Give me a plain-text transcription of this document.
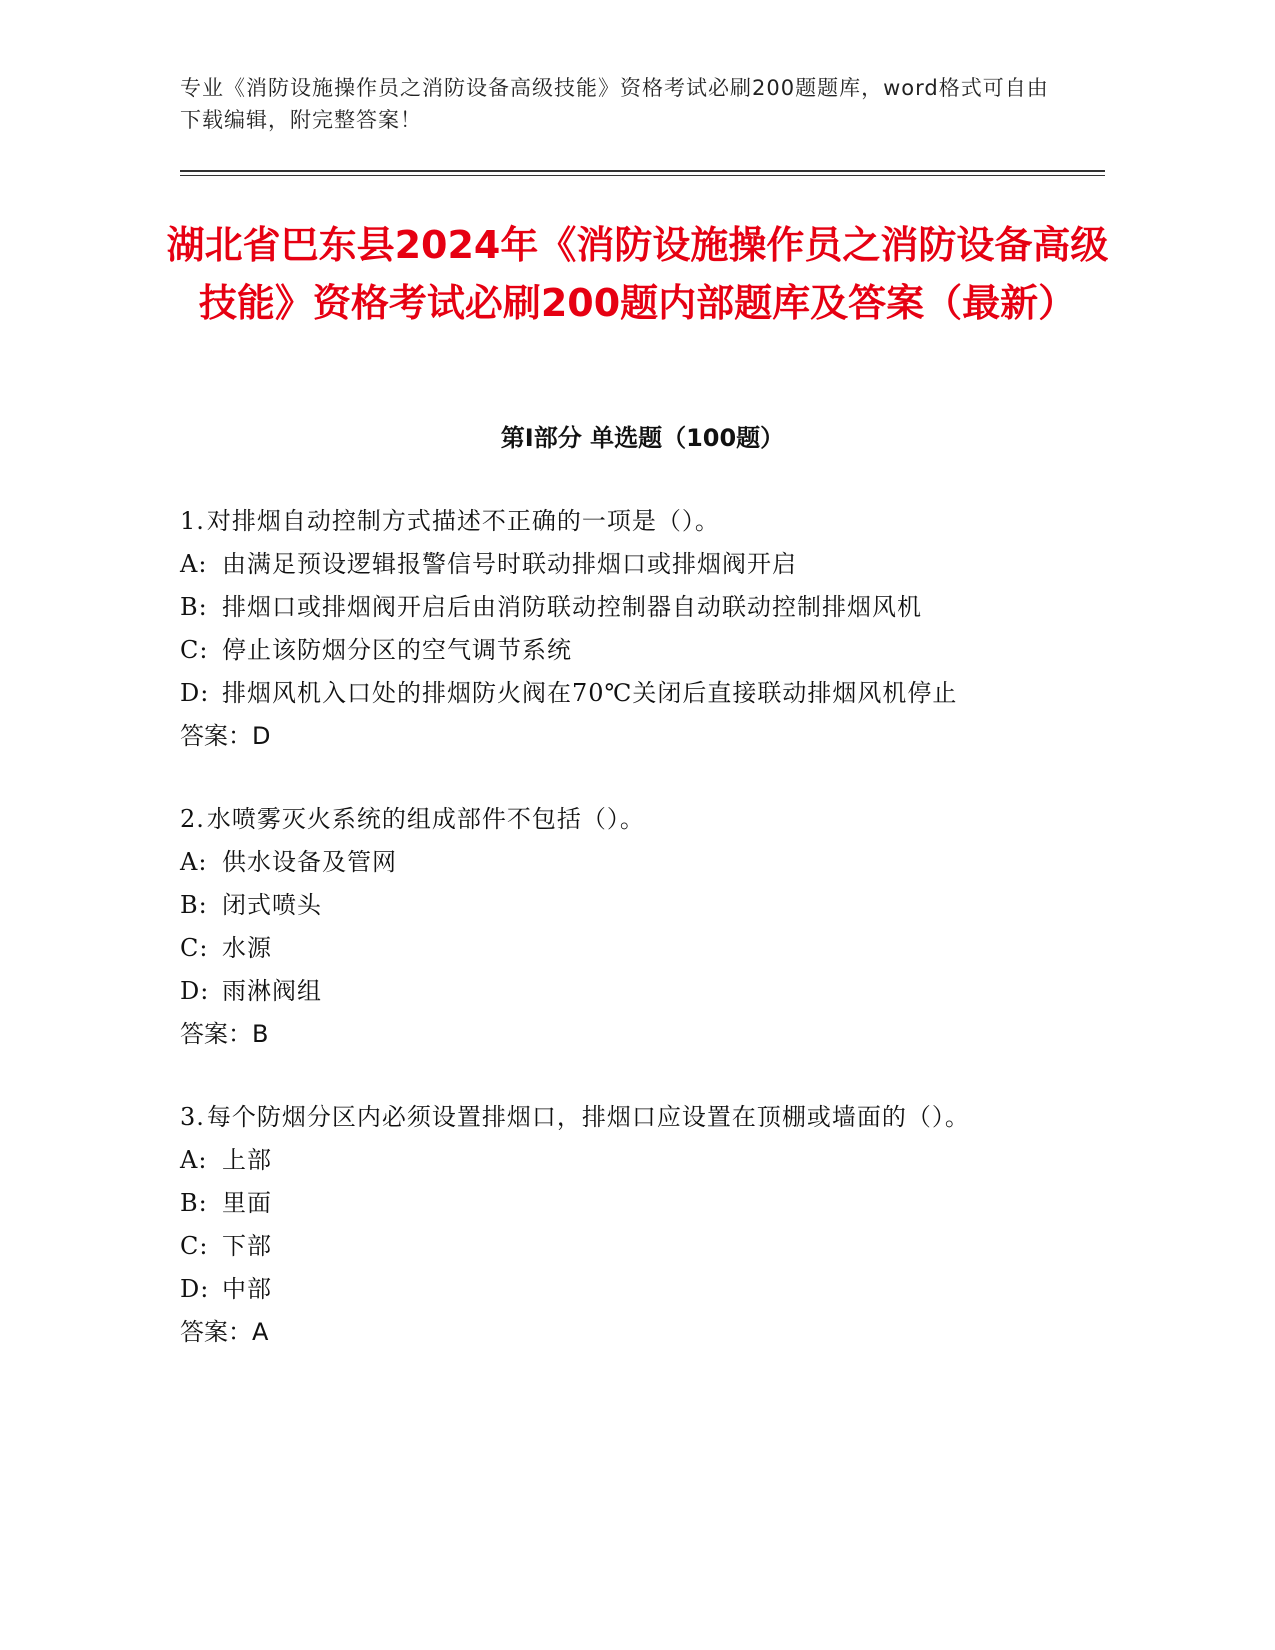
专业《消防设施操作员之消防设备高级技能》资格考试必刷200题题库，word格式可自由下载编辑，附完整答案！
湖北省巴东县2024年《消防设施操作员之消防设备高级技能》资格考试必刷200题内部题库及答案（最新）
第I部分 单选题（100题）
1.对排烟自动控制方式描述不正确的一项是（）。
A: 由满足预设逻辑报警信号时联动排烟口或排烟阀开启
B: 排烟口或排烟阀开启后由消防联动控制器自动联动控制排烟风机
C: 停止该防烟分区的空气调节系统
D: 排烟风机入口处的排烟防火阀在70℃关闭后直接联动排烟风机停止
答案：D
2.水喷雾灭火系统的组成部件不包括（）。
A: 供水设备及管网
B: 闭式喷头
C: 水源
D: 雨淋阀组
答案：B
3.每个防烟分区内必须设置排烟口，排烟口应设置在顶棚或墙面的（）。
A: 上部
B: 里面
C: 下部
D: 中部
答案：A
